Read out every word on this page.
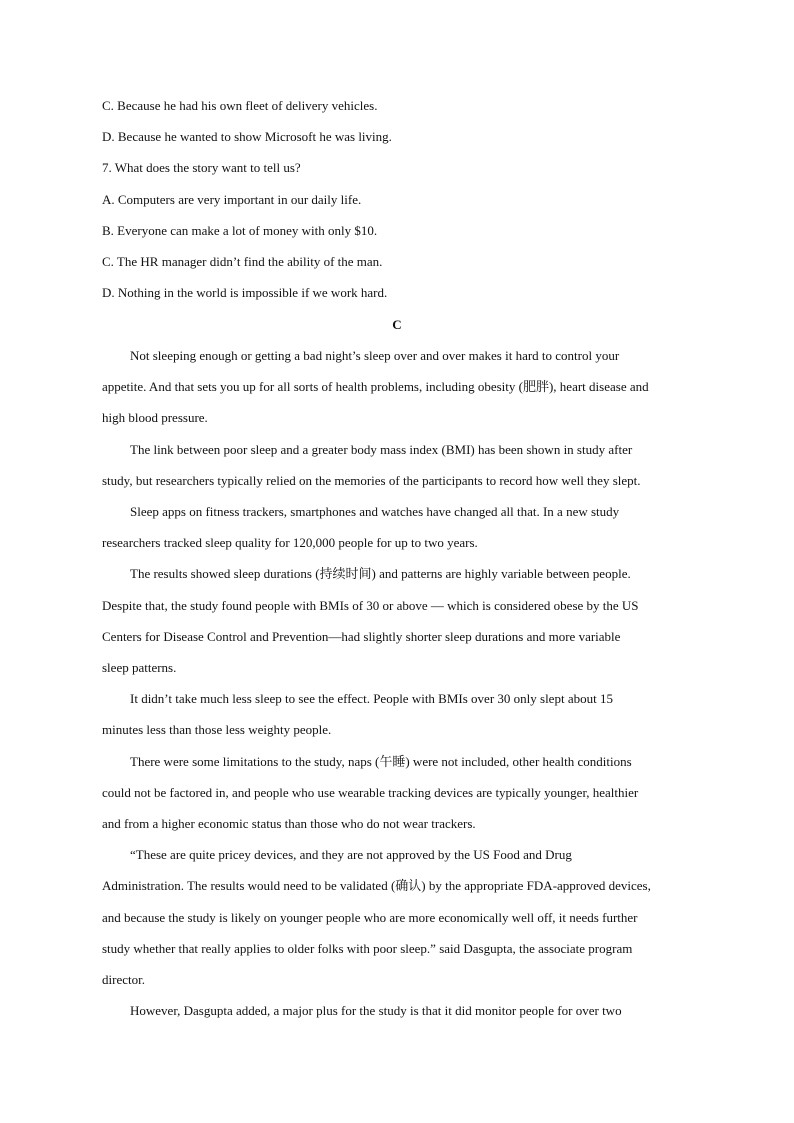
C. Because he had his own fleet of delivery vehicles.
D. Because he wanted to show Microsoft he was living.
7. What does the story want to tell us?
A. Computers are very important in our daily life.
B. Everyone can make a lot of money with only $10.
C. The HR manager didn’t find the ability of the man.
D. Nothing in the world is impossible if we work hard.
C
Not sleeping enough or getting a bad night’s sleep over and over makes it hard to control your
appetite. And that sets you up for all sorts of health problems, including obesity (肥胖), heart disease and
high blood pressure.
The link between poor sleep and a greater body mass index (BMI) has been shown in study after
study, but researchers typically relied on the memories of the participants to record how well they slept.
Sleep apps on fitness trackers, smartphones and watches have changed all that. In a new study
researchers tracked sleep quality for 120,000 people for up to two years.
The results showed sleep durations (持续时间) and patterns are highly variable between people.
Despite that, the study found people with BMIs of 30 or above — which is considered obese by the US
Centers for Disease Control and Prevention—had slightly shorter sleep durations and more variable
sleep patterns.
It didn’t take much less sleep to see the effect. People with BMIs over 30 only slept about 15
minutes less than those less weighty people.
There were some limitations to the study, naps (午睡) were not included, other health conditions
could not be factored in, and people who use wearable tracking devices are typically younger, healthier
and from a higher economic status than those who do not wear trackers.
“These are quite pricey devices, and they are not approved by the US Food and Drug
Administration. The results would need to be validated (确认) by the appropriate FDA-approved devices,
and because the study is likely on younger people who are more economically well off, it needs further
study whether that really applies to older folks with poor sleep.” said Dasgupta, the associate program
director.
However, Dasgupta added, a major plus for the study is that it did monitor people for over two
